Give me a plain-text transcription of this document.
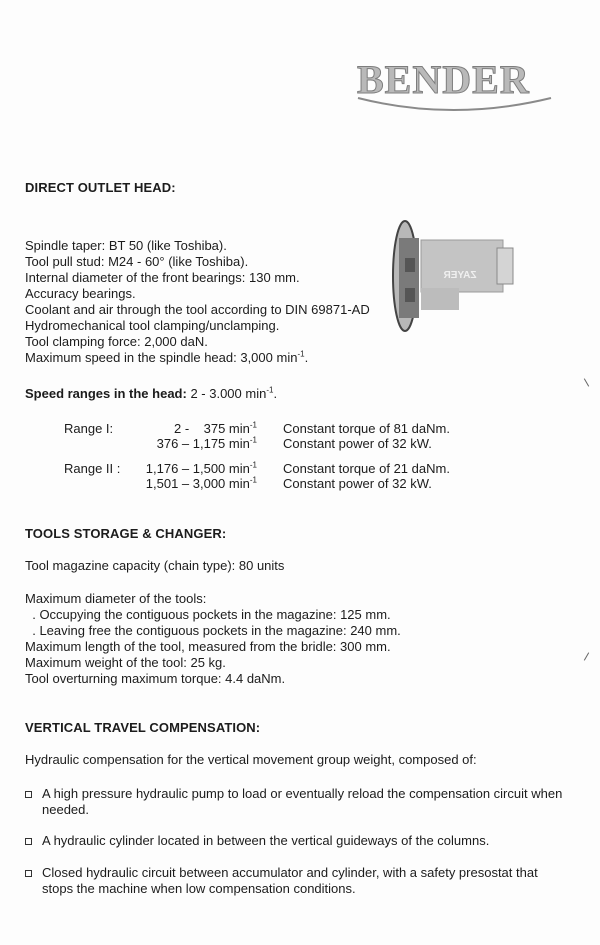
BENDER
DIRECT OUTLET HEAD:
Spindle taper: BT 50 (like Toshiba).
Tool pull stud: M24 - 60° (like Toshiba).
Internal diameter of the front bearings: 130 mm.
Accuracy bearings.
Coolant and air through the tool according to DIN 69871-AD
Hydromechanical tool clamping/unclamping.
Tool clamping force: 2,000 daN.
Maximum speed in the spindle head: 3,000 $\min^{-1}$.
ZAYER
Speed ranges in the head: 2 - 3.000 $\min^{-1}$.
Range I:	2 -    375 $\min^{-1}$ Constant torque of 81 daNm.
376 – 1,175 $\min^{-1}$ Constant power of 32 kW.
Range II :	1,176 – 1,500 $\min^{-1}$ Constant torque of 21 daNm.
1,501 – 3,000 $\min^{-1}$ Constant power of 32 kW.
TOOLS STORAGE & CHANGER:
Tool magazine capacity (chain type): 80 units
Maximum diameter of the tools:
. Occupying the contiguous pockets in the magazine: 125 mm.
. Leaving free the contiguous pockets in the magazine: 240 mm.
Maximum length of the tool, measured from the bridle: 300 mm.
Maximum weight of the tool: 25 kg.
Tool overturning maximum torque: 4.4 daNm.
VERTICAL TRAVEL COMPENSATION:
Hydraulic compensation for the vertical movement group weight, composed of:
A high pressure hydraulic pump to load or eventually reload the compensation circuit when needed.
A hydraulic cylinder located in between the vertical guideways of the columns.
Closed hydraulic circuit between accumulator and cylinder, with a safety presostat that stops the machine when low compensation conditions.
